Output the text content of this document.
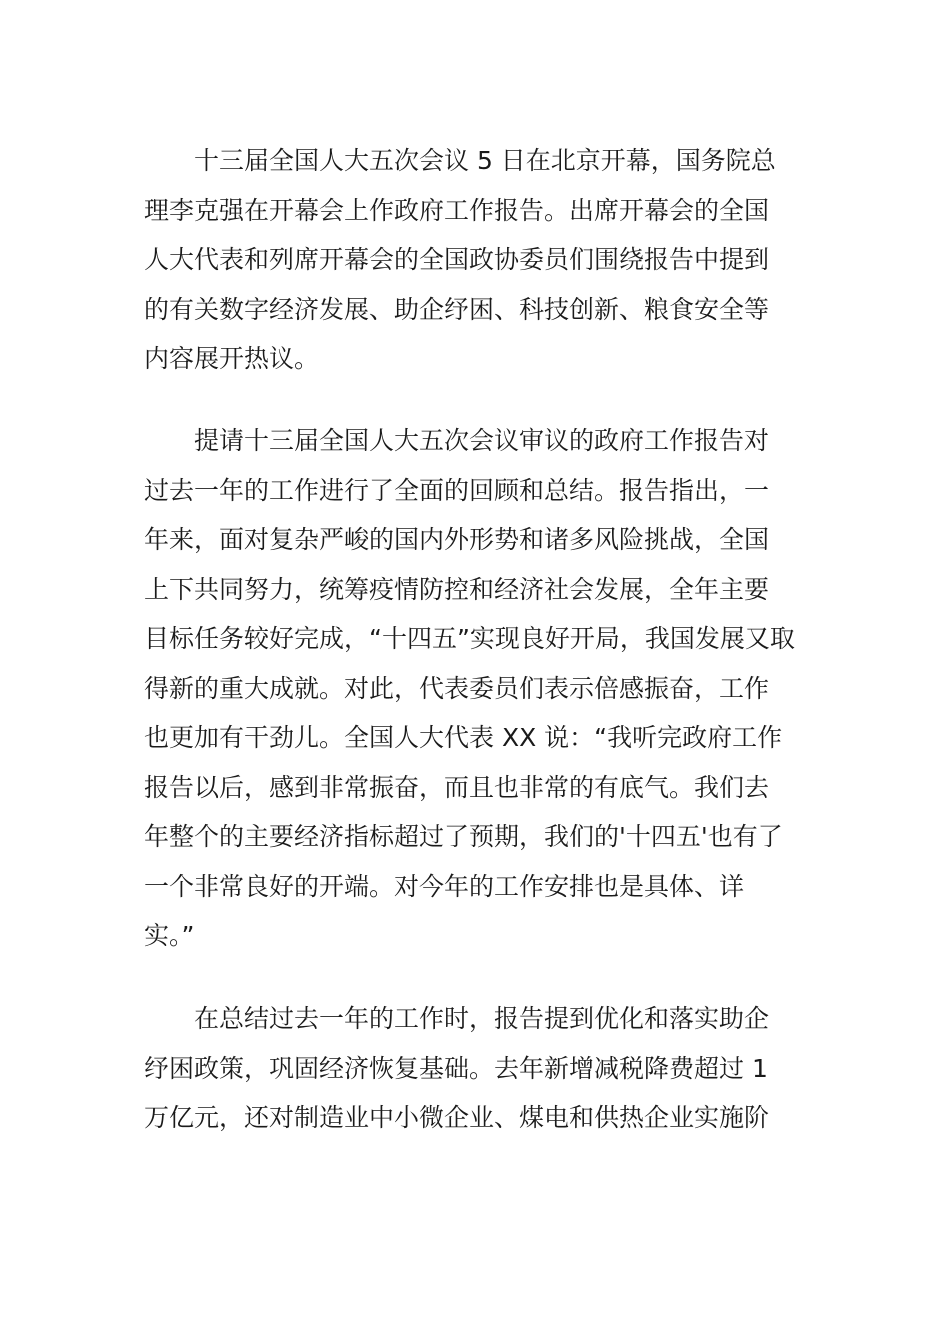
十三届全国人大五次会议 5 日在北京开幕，国务院总
理李克强在开幕会上作政府工作报告。出席开幕会的全国
人大代表和列席开幕会的全国政协委员们围绕报告中提到
的有关数字经济发展、助企纾困、科技创新、粮食安全等
内容展开热议。
提请十三届全国人大五次会议审议的政府工作报告对
过去一年的工作进行了全面的回顾和总结。报告指出，一
年来，面对复杂严峻的国内外形势和诸多风险挑战，全国
上下共同努力，统筹疫情防控和经济社会发展，全年主要
目标任务较好完成，“十四五”实现良好开局，我国发展又取
得新的重大成就。对此，代表委员们表示倍感振奋，工作
也更加有干劲儿。全国人大代表 XX 说：“我听完政府工作
报告以后，感到非常振奋，而且也非常的有底气。我们去
年整个的主要经济指标超过了预期，我们的'十四五'也有了
一个非常良好的开端。对今年的工作安排也是具体、详
实。”
在总结过去一年的工作时，报告提到优化和落实助企
纾困政策，巩固经济恢复基础。去年新增减税降费超过 1
万亿元，还对制造业中小微企业、煤电和供热企业实施阶
